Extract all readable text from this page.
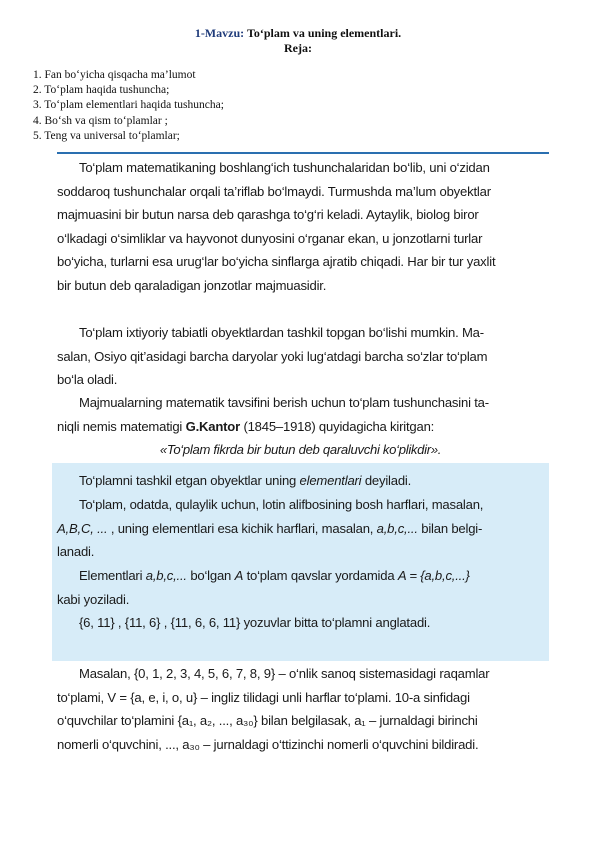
1-Mavzu: To‘plam va uning elementlari.
Reja:
1. Fan bo‘yicha qisqacha ma’lumot
2. To‘plam haqida tushuncha;
3. To‘plam elementlari haqida tushuncha;
4. Bo‘sh va qism to‘plamlar ;
5. Teng va universal to‘plamlar;
To‘plam matematikaning boshlang‘ich tushunchalaridan bo‘lib, uni o‘zidan
soddaroq tushunchalar orqali ta’riflab bo‘lmaydi. Turmushda ma’lum obyektlar
majmuasini bir butun narsa deb qarashga to‘g‘ri keladi. Aytaylik, biolog biror
o‘lkadagi o‘simliklar va hayvonot dunyosini o‘rganar ekan, u jonzotlarni turlar
bo‘yicha, turlarni esa urug‘lar bo‘yicha sinflarga ajratib chiqadi. Har bir tur yaxlit
bir butun deb qaraladigan jonzotlar majmuasidir.
To‘plam ixtiyoriy tabiatli obyektlardan tashkil topgan bo‘lishi mumkin. Ma-
salan, Osiyo qit’asidagi barcha daryolar yoki lug‘atdagi barcha so‘zlar to‘plam
bo‘la oladi.
Majmualarning matematik tavsifini berish uchun to‘plam tushunchasini ta-
niqli nemis matematigi G.Kantor (1845–1918) quyidagicha kiritgan:
«To‘plam fikrda bir butun deb qaraluvchi ko‘plikdir».
To‘plamni tashkil etgan obyektlar uning elementlari deyiladi.
To‘plam, odatda, qulaylik uchun, lotin alifbosining bosh harflari, masalan,
A,B,C, ... , uning elementlari esa kichik harflari, masalan, a,b,c,... bilan belgi-
lanadi.
Elementlari a,b,c,... bo‘lgan A to‘plam qavslar yordamida A = {a,b,c,...}
kabi yoziladi.
{6, 11} , {11, 6} , {11, 6, 6, 11} yozuvlar bitta to‘plamni anglatadi.
Masalan, {0, 1, 2, 3, 4, 5, 6, 7, 8, 9} – o‘nlik sanoq sistemasidagi raqamlar
to‘plami, V = {a, e, i, o, u} – ingliz tilidagi unli harflar to‘plami. 10-a sinfidagi
o‘quvchilar to‘plamini {a₁, a₂, ..., a₃₀} bilan belgilasak, a₁ – jurnaldagi birinchi
nomerli o‘quvchini, ..., a₃₀ – jurnaldagi o‘ttizinchi nomerli o‘quvchini bildiradi.
